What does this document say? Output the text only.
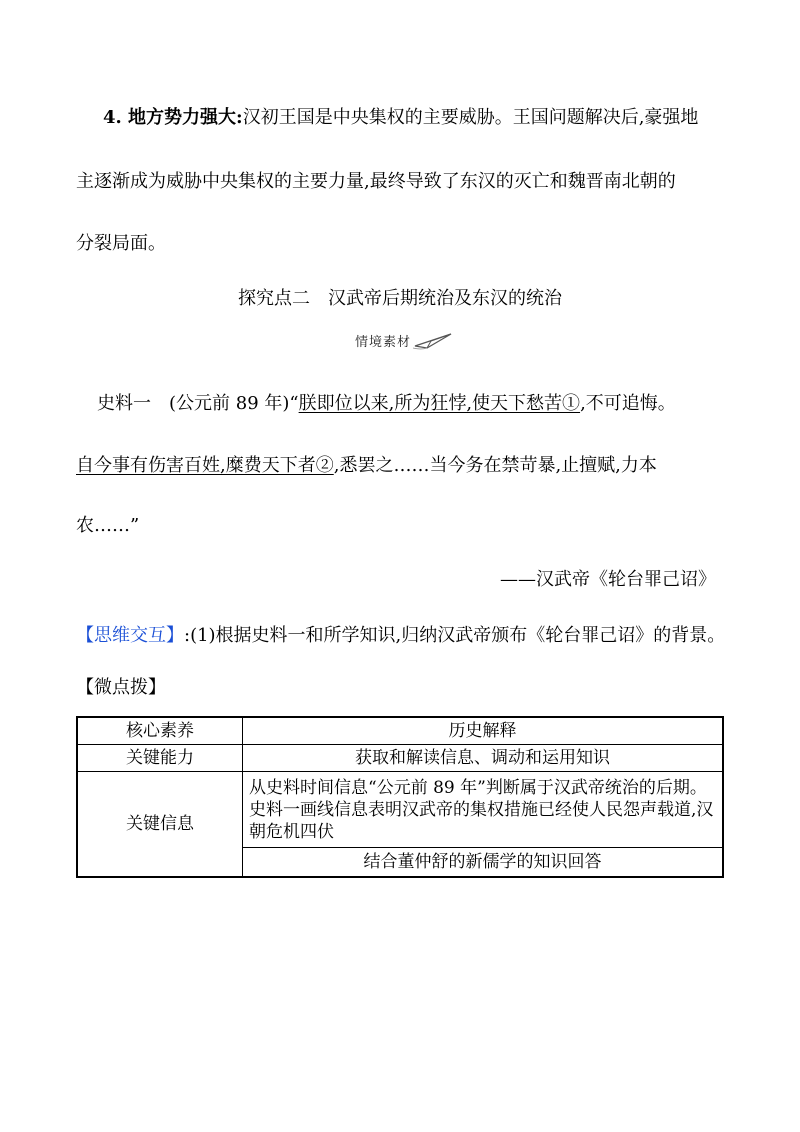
4. 地方势力强大:汉初王国是中央集权的主要威胁。王国问题解决后,豪强地
主逐渐成为威胁中央集权的主要力量,最终导致了东汉的灭亡和魏晋南北朝的
分裂局面。
探究点二　汉武帝后期统治及东汉的统治
情境素材
史料一　(公元前 89 年)“朕即位以来,所为狂悖,使天下愁苦①,不可追悔。
自今事有伤害百姓,糜费天下者②,悉罢之……当今务在禁苛暴,止擅赋,力本
农……”
——汉武帝《轮台罪己诏》
【思维交互】:(1)根据史料一和所学知识,归纳汉武帝颁布《轮台罪己诏》的背景。
【微点拨】
核心素养	历史解释
关键能力	获取和解读信息、调动和运用知识
关键信息	从史料时间信息“公元前 89 年”判断属于汉武帝统治的后期。史料一画线信息表明汉武帝的集权措施已经使人民怨声载道,汉朝危机四伏
	结合董仲舒的新儒学的知识回答
